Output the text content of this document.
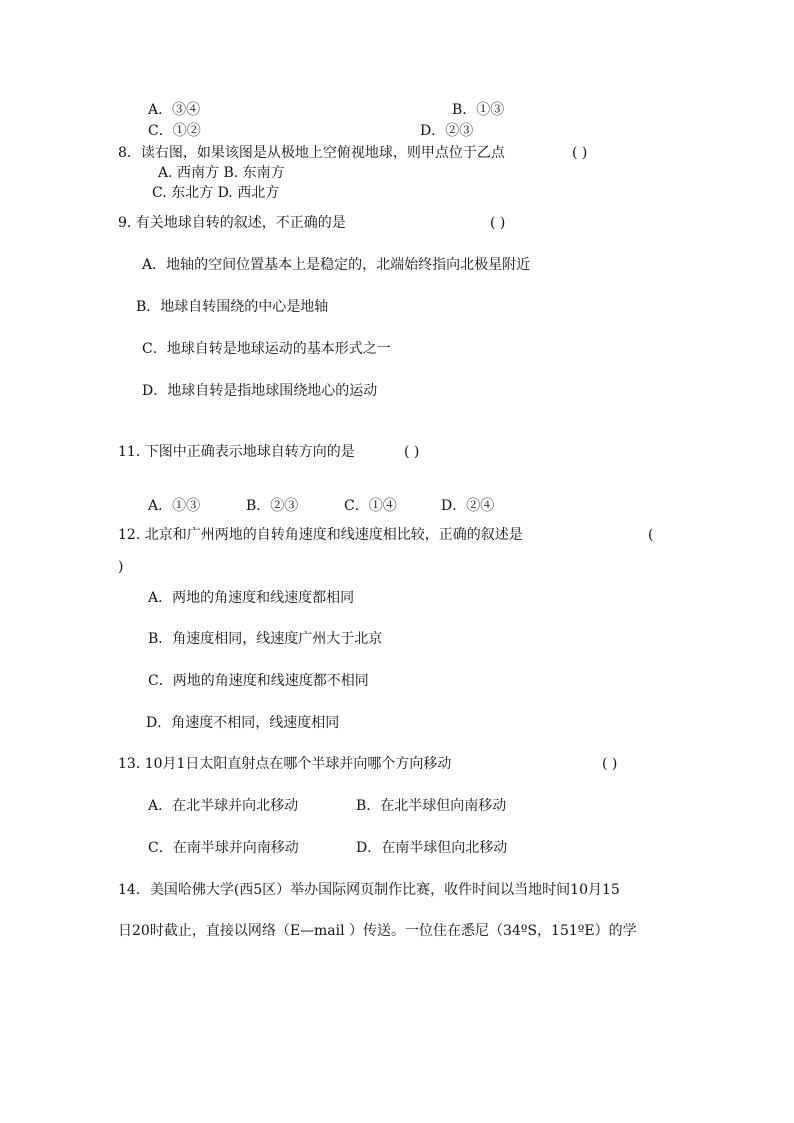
A．③④	B．①③
C．①②	D．②③
8．读右图，如果该图是从极地上空俯视地球，则甲点位于乙点	( )
A. 西南方 B. 东南方
C. 东北方 D. 西北方
9. 有关地球自转的叙述，不正确的是	( )
A．地轴的空间位置基本上是稳定的，北端始终指向北极星附近
B．地球自转围绕的中心是地轴
C．地球自转是地球运动的基本形式之一
D．地球自转是指地球围绕地心的运动
11. 下图中正确表示地球自转方向的是	( )
A．①③	B．②③	C．①④	D．②④
12. 北京和广州两地的自转角速度和线速度相比较，正确的叙述是	(
)
A．两地的角速度和线速度都相同
B．角速度相同，线速度广州大于北京
C．两地的角速度和线速度都不相同
D．角速度不相同，线速度相同
13. 10月1日太阳直射点在哪个半球并向哪个方向移动	( )
A．在北半球并向北移动	B．在北半球但向南移动
C．在南半球并向南移动	D．在南半球但向北移动
14．美国哈佛大学(西5区）举办国际网页制作比赛，收件时间以当地时间10月15
日20时截止，直接以网络（E—mail ）传送。一位住在悉尼（34ºS，151ºE）的学
